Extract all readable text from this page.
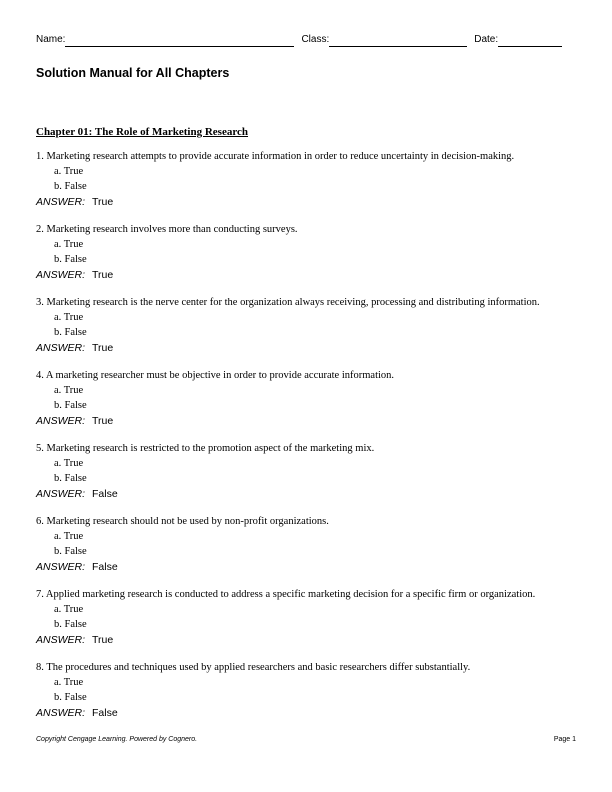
Name:	Class:	Date:
Solution Manual for All Chapters
Chapter 01: The Role of Marketing Research
1. Marketing research attempts to provide accurate information in order to reduce uncertainty in decision-making.
a. True
b. False
ANSWER: True
2. Marketing research involves more than conducting surveys.
a. True
b. False
ANSWER: True
3. Marketing research is the nerve center for the organization always receiving, processing and distributing information.
a. True
b. False
ANSWER: True
4. A marketing researcher must be objective in order to provide accurate information.
a. True
b. False
ANSWER: True
5. Marketing research is restricted to the promotion aspect of the marketing mix.
a. True
b. False
ANSWER: False
6. Marketing research should not be used by non-profit organizations.
a. True
b. False
ANSWER: False
7. Applied marketing research is conducted to address a specific marketing decision for a specific firm or organization.
a. True
b. False
ANSWER: True
8. The procedures and techniques used by applied researchers and basic researchers differ substantially.
a. True
b. False
ANSWER: False
Copyright Cengage Learning. Powered by Cognero.	Page 1
